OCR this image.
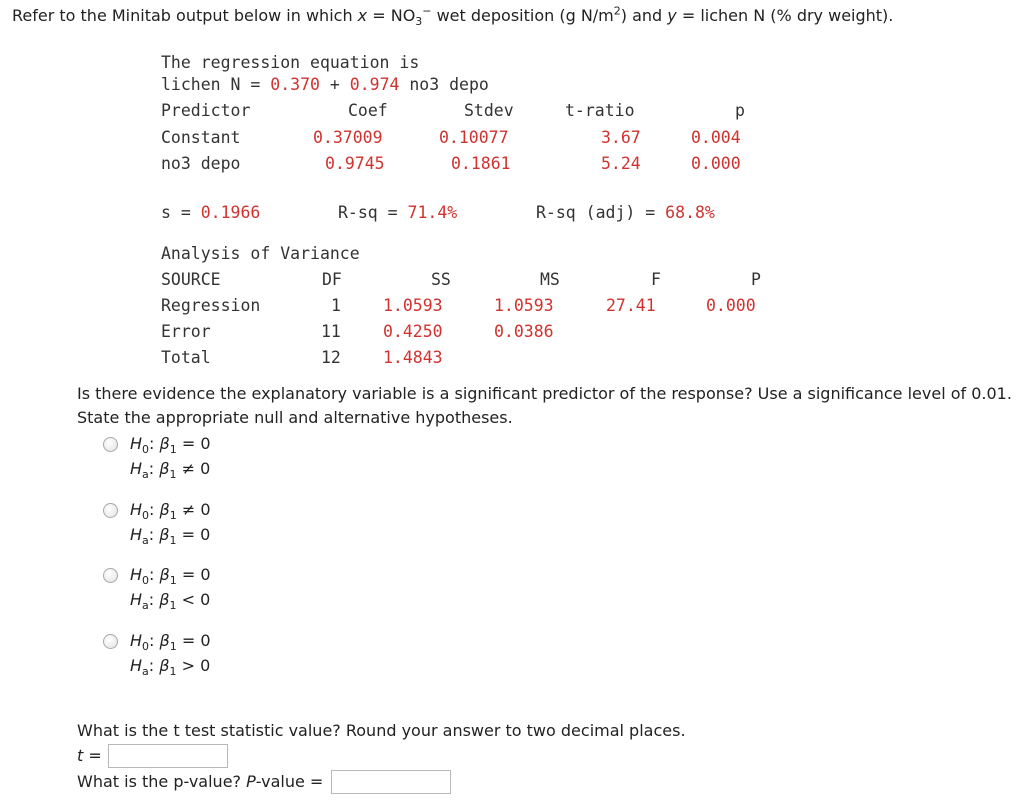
Refer to the Minitab output below in which $x = NO_3^-$ wet deposition (g $N/m^2$) and y = lichen N (% dry weight).
The regression equation is
lichen N = 0.370 + 0.974 no3 depo
Predictor	Coef	Stdev	t-ratio	p
Constant	0.37009	0.10077	3.67	0.004
no3 depo	0.9745	0.1861	5.24	0.000
s = 0.1966	R-sq = 71.4%	R-sq (adj) = 68.8%
Analysis of Variance
SOURCE	DF	SS	MS	F	P
Regression	1	1.0593	1.0593	27.41	0.000
Error	11	0.4250	0.0386
Total	12	1.4843
Is there evidence the explanatory variable is a significant predictor of the response? Use a significance level of 0.01.
State the appropriate null and alternative hypotheses.
$H_0$: $\beta_1 = 0$
$H_a$: $\beta_1 \ne 0$
$H_0$: $\beta_1 \ne 0$
$H_a$: $\beta_1 = 0$
$H_0$: $\beta_1 = 0$
$H_a$: $\beta_1 < 0$
$H_0$: $\beta_1 = 0$
$H_a$: $\beta_1 > 0$
What is the t test statistic value? Round your answer to two decimal places.
t =
What is the p-value? P-value =
